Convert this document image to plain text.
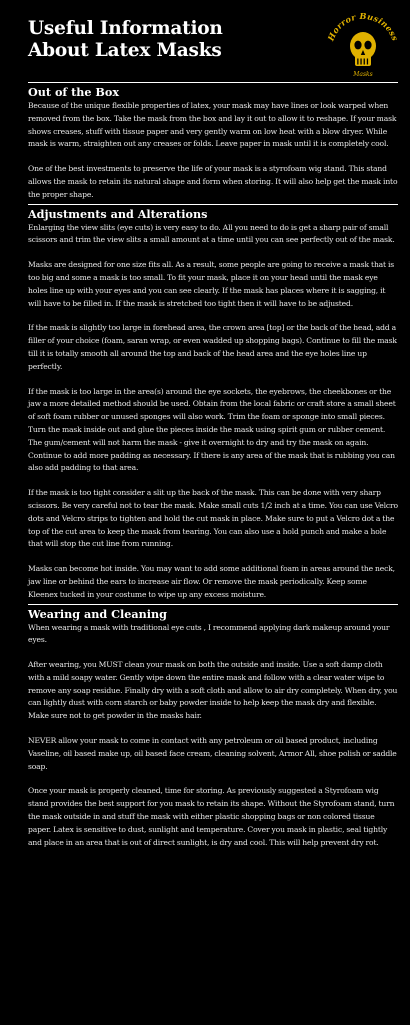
Useful Information
About Latex Masks
Horror Business
Masks
Out of the Box

Because of the unique flexible properties of latex, your mask may have lines or look warped when removed from the box. Take the mask from the box and lay it out to allow it to reshape. If your mask shows creases, stuff with tissue paper and very gently warm on low heat with a blow dryer. While mask is warm, straighten out any creases or folds. Leave paper in mask until it is completely cool.

One of the best investments to preserve the life of your mask is a styrofoam wig stand. This stand allows the mask to retain its natural shape and form when storing. It will also help get the mask into the proper shape.

Adjustments and Alterations

Enlarging the view slits (eye cuts) is very easy to do. All you need to do is get a sharp pair of small scissors and trim the view slits a small amount at a time until you can see perfectly out of the mask.

Masks are designed for one size fits all. As a result, some people are going to receive a mask that is too big and some a mask is too small. To fit your mask, place it on your head until the mask eye holes line up with your eyes and you can see clearly. If the mask has places where it is sagging, it will have to be filled in. If the mask is stretched too tight then it will have to be adjusted.

If the mask is slightly too large in forehead area, the crown area [top] or the back of the head, add a filler of your choice (foam, saran wrap, or even wadded up shopping bags). Continue to fill the mask till it is totally smooth all around the top and back of the head area and the eye holes line up perfectly.

If the mask is too large in the area(s) around the eye sockets, the eyebrows, the cheekbones or the jaw a more detailed method should be used. Obtain from the local fabric or craft store a small sheet of soft foam rubber or unused sponges will also work. Trim the foam or sponge into small pieces. Turn the mask inside out and glue the pieces inside the mask using spirit gum or rubber cement. The gum/cement will not harm the mask - give it overnight to dry and try the mask on again. Continue to add more padding as necessary. If there is any area of the mask that is rubbing you can also add padding to that area.

If the mask is too tight consider a slit up the back of the mask. This can be done with very sharp scissors. Be very careful not to tear the mask. Make small cuts 1/2 inch at a time. You can use Velcro dots and Velcro strips to tighten and hold the cut mask in place. Make sure to put a Velcro dot a the top of the cut area to keep the mask from tearing. You can also use a hold punch and make a hole that will stop the cut line from running.

Masks can become hot inside. You may want to add some additional foam in areas around the neck, jaw line or behind the ears to increase air flow. Or remove the mask periodically. Keep some Kleenex tucked in your costume to wipe up any excess moisture.

Wearing and Cleaning

When wearing a mask with traditional eye cuts , I recommend applying dark makeup around your eyes.

After wearing, you MUST clean your mask on both the outside and inside. Use a soft damp cloth with a mild soapy water. Gently wipe down the entire mask and follow with a clear water wipe to remove any soap residue. Finally dry with a soft cloth and allow to air dry completely. When dry, you can lightly dust with corn starch or baby powder inside to help keep the mask dry and flexible. Make sure not to get powder in the masks hair.

NEVER allow your mask to come in contact with any petroleum or oil based product, including Vaseline, oil based make up, oil based face cream, cleaning solvent, Armor All, shoe polish or saddle soap.

Once your mask is properly cleaned, time for storing. As previously suggested a Styrofoam wig stand provides the best support for you mask to retain its shape. Without the Styrofoam stand, turn the mask outside in and stuff the mask with either plastic shopping bags or non colored tissue paper. Latex is sensitive to dust, sunlight and temperature. Cover you mask in plastic, seal tightly and place in an area that is out of direct sunlight, is dry and cool. This will help prevent dry rot.
